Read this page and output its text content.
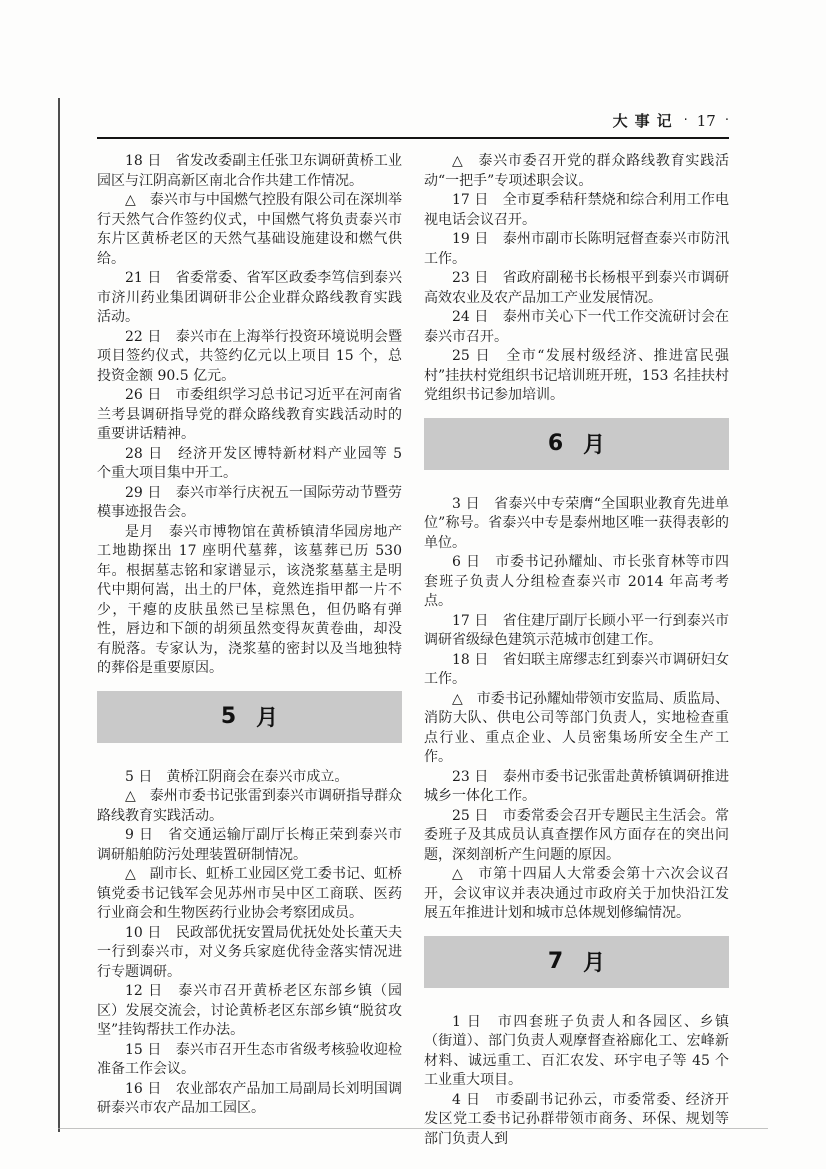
大事记 · 17 ·

18 日　省发改委副主任张卫东调研黄桥工业园区与江阴高新区南北合作共建工作情况。

△　泰兴市与中国燃气控股有限公司在深圳举行天然气合作签约仪式，中国燃气将负责泰兴市东片区黄桥老区的天然气基础设施建设和燃气供给。

21 日　省委常委、省军区政委李笃信到泰兴市济川药业集团调研非公企业群众路线教育实践活动。

22 日　泰兴市在上海举行投资环境说明会暨项目签约仪式，共签约亿元以上项目 15 个，总投资金额 90.5 亿元。

26 日　市委组织学习总书记习近平在河南省兰考县调研指导党的群众路线教育实践活动时的重要讲话精神。

28 日　经济开发区博特新材料产业园等 5 个重大项目集中开工。

29 日　泰兴市举行庆祝五一国际劳动节暨劳模事迹报告会。

是月　泰兴市博物馆在黄桥镇清华园房地产工地勘探出 17 座明代墓葬，该墓葬已历 530 年。根据墓志铭和家谱显示，该浇浆墓墓主是明代中期何嵩，出土的尸体，竟然连指甲都一片不少，干瘪的皮肤虽然已呈棕黑色，但仍略有弹性，唇边和下颌的胡须虽然变得灰黄卷曲，却没有脱落。专家认为，浇浆墓的密封以及当地独特的葬俗是重要原因。

5 月

5 日　黄桥江阴商会在泰兴市成立。

△　泰州市委书记张雷到泰兴市调研指导群众路线教育实践活动。

9 日　省交通运输厅副厅长梅正荣到泰兴市调研船舶防污处理装置研制情况。

△　副市长、虹桥工业园区党工委书记、虹桥镇党委书记钱军会见苏州市吴中区工商联、医药行业商会和生物医药行业协会考察团成员。

10 日　民政部优抚安置局优抚处处长董天夫一行到泰兴市，对义务兵家庭优待金落实情况进行专题调研。

12 日　泰兴市召开黄桥老区东部乡镇（园区）发展交流会，讨论黄桥老区东部乡镇“脱贫攻坚”挂钩帮扶工作办法。

15 日　泰兴市召开生态市省级考核验收迎检准备工作会议。

16 日　农业部农产品加工局副局长刘明国调研泰兴市农产品加工园区。

△　泰兴市委召开党的群众路线教育实践活动“一把手”专项述职会议。

17 日　全市夏季秸秆禁烧和综合利用工作电视电话会议召开。

19 日　泰州市副市长陈明冠督查泰兴市防汛工作。

23 日　省政府副秘书长杨根平到泰兴市调研高效农业及农产品加工产业发展情况。

24 日　泰州市关心下一代工作交流研讨会在泰兴市召开。

25 日　全市“发展村级经济、推进富民强村”挂扶村党组织书记培训班开班，153 名挂扶村党组织书记参加培训。

6 月

3 日　省泰兴中专荣膺“全国职业教育先进单位”称号。省泰兴中专是泰州地区唯一获得表彰的单位。

6 日　市委书记孙耀灿、市长张育林等市四套班子负责人分组检查泰兴市 2014 年高考考点。

17 日　省住建厅副厅长顾小平一行到泰兴市调研省级绿色建筑示范城市创建工作。

18 日　省妇联主席缪志红到泰兴市调研妇女工作。

△　市委书记孙耀灿带领市安监局、质监局、消防大队、供电公司等部门负责人，实地检查重点行业、重点企业、人员密集场所安全生产工作。

23 日　泰州市委书记张雷赴黄桥镇调研推进城乡一体化工作。

25 日　市委常委会召开专题民主生活会。常委班子及其成员认真查摆作风方面存在的突出问题，深刻剖析产生问题的原因。

△　市第十四届人大常委会第十六次会议召开，会议审议并表决通过市政府关于加快沿江发展五年推进计划和城市总体规划修编情况。

7 月

1 日　市四套班子负责人和各园区、乡镇（街道）、部门负责人观摩督查裕廊化工、宏峰新材料、诚远重工、百汇农发、环宇电子等 45 个工业重大项目。

4 日　市委副书记孙云，市委常委、经济开发区党工委书记孙群带领市商务、环保、规划等部门负责人到
